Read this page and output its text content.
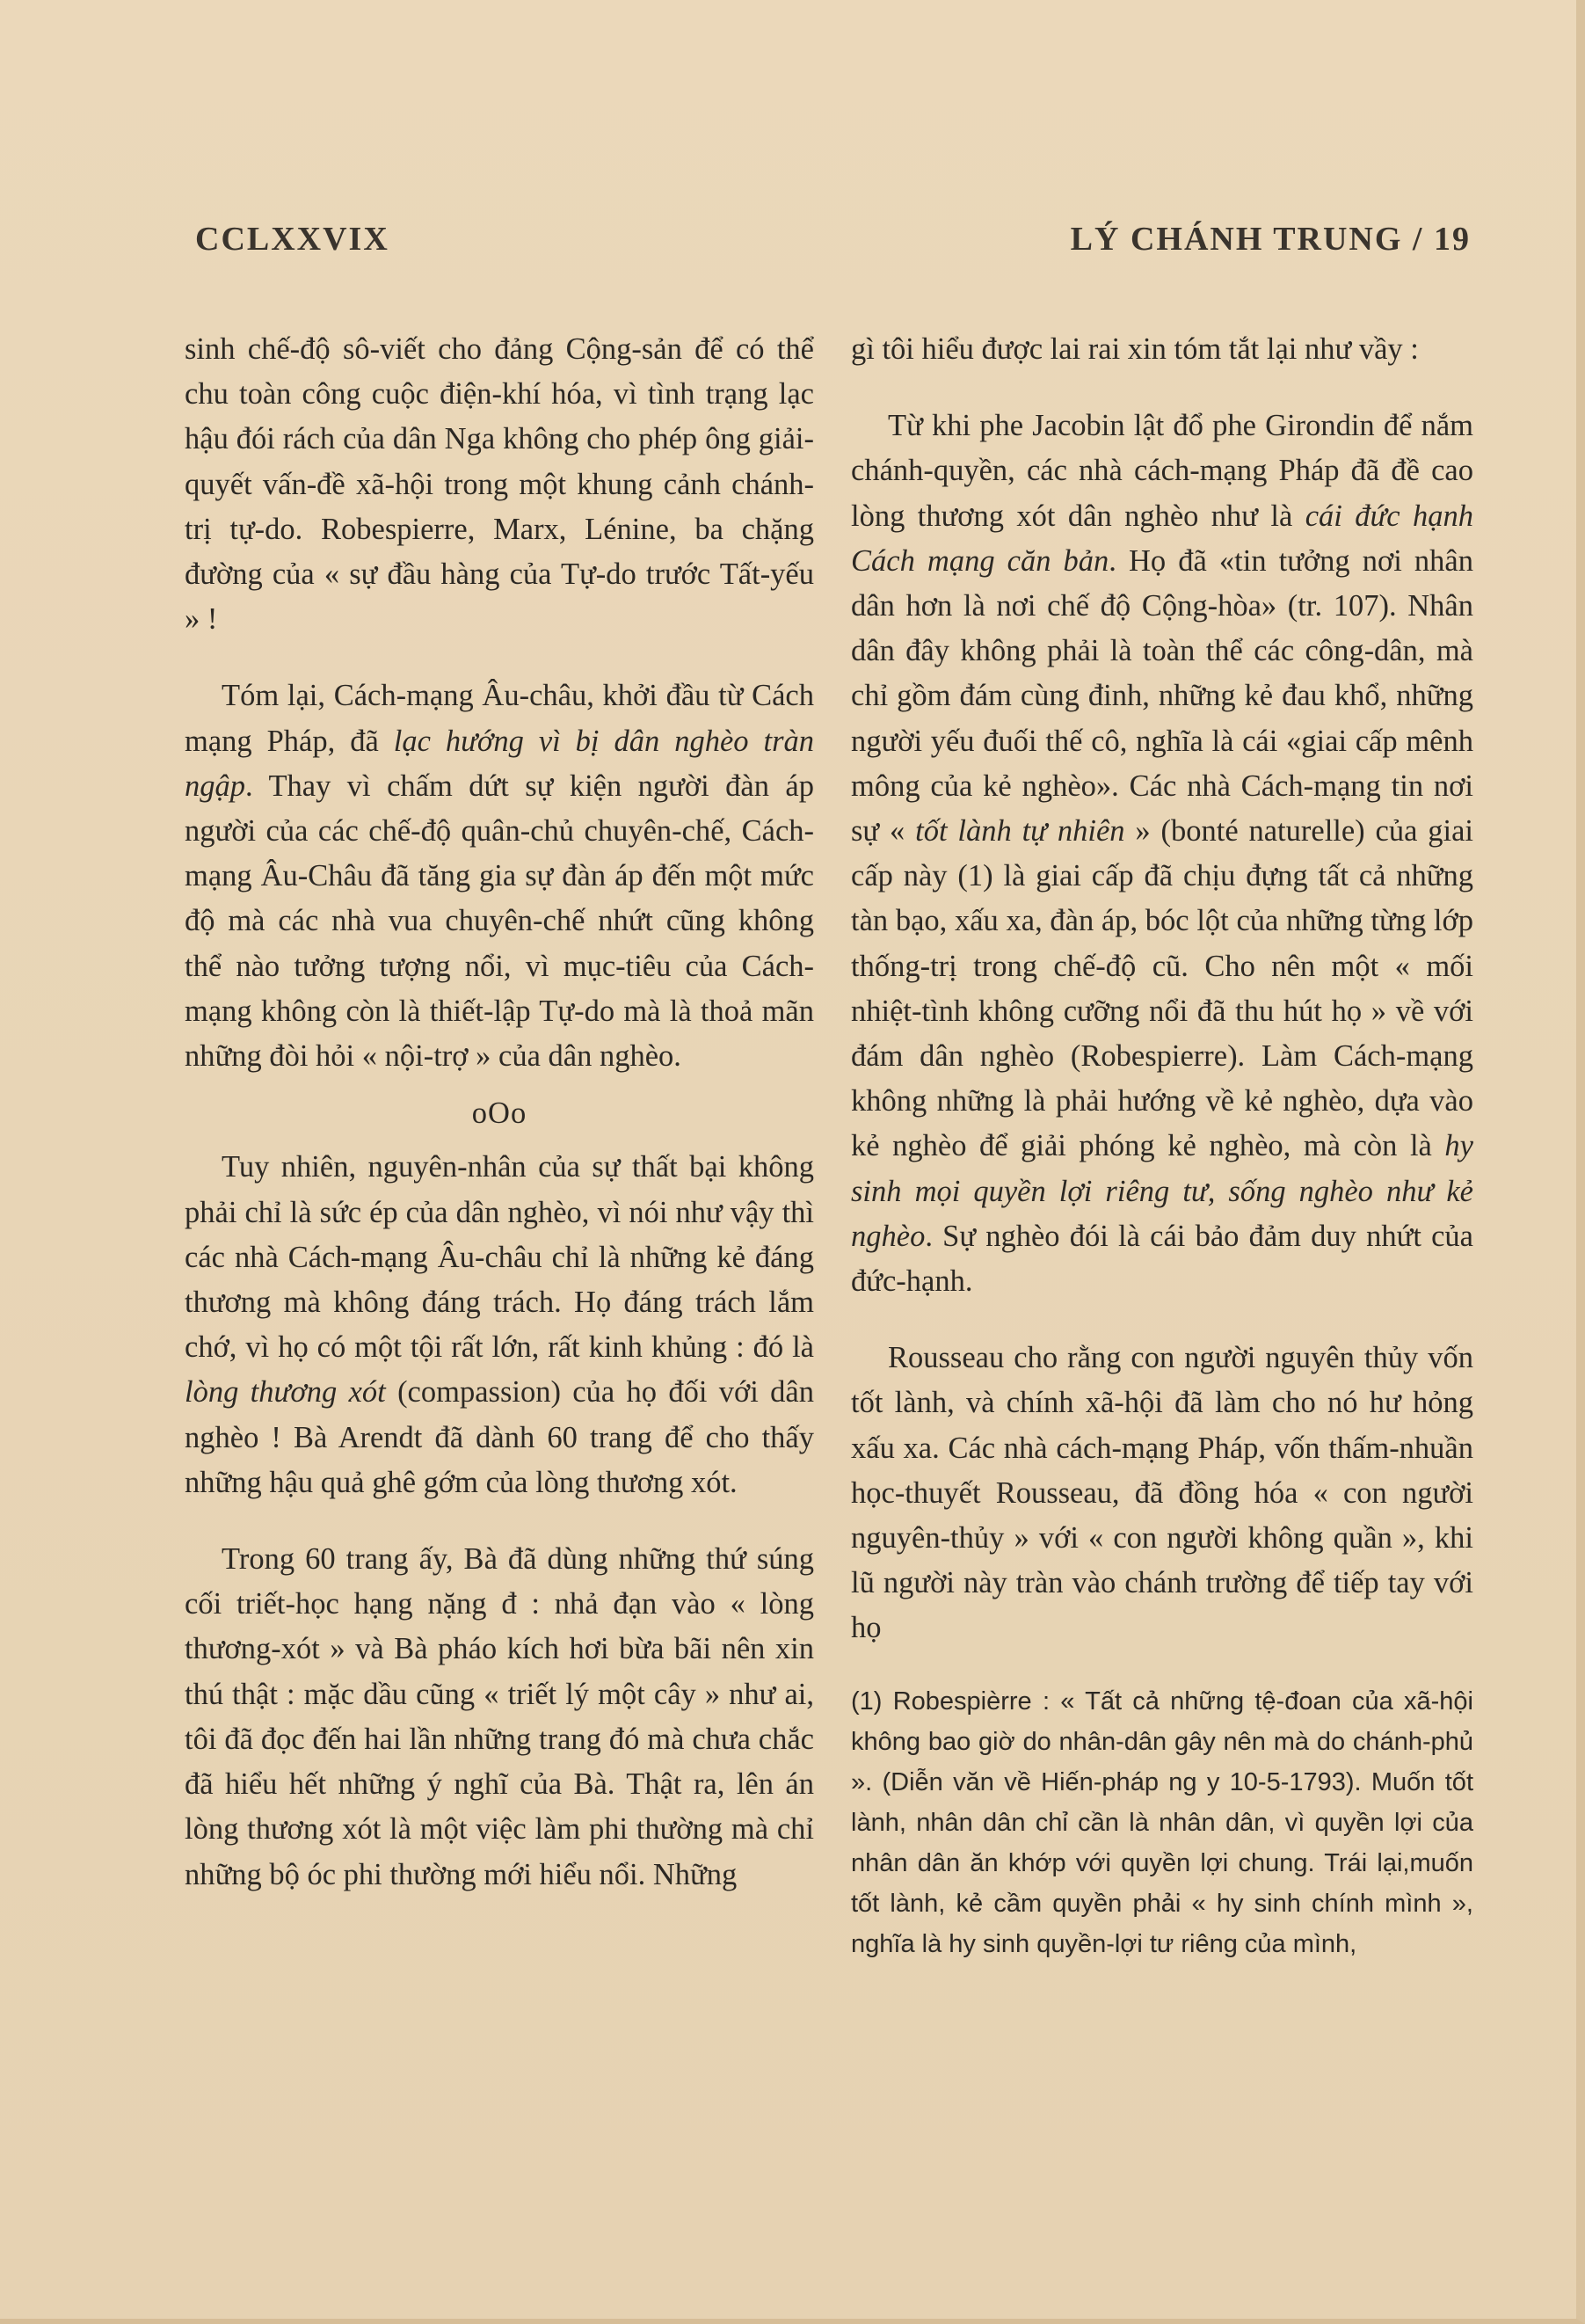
CCLXXVIX	LÝ CHÁNH TRUNG / 19

sinh chế-độ sô-viết cho đảng Cộng-sản để có thể chu toàn công cuộc điện-khí hóa, vì tình trạng lạc hậu đói rách của dân Nga không cho phép ông giải-quyết vấn-đề xã-hội trong một khung cảnh chánh-trị tự-do. Robespierre, Marx, Lénine, ba chặng đường của « sự đầu hàng của Tự-do trước Tất-yếu » !

Tóm lại, Cách-mạng Âu-châu, khởi đầu từ Cách mạng Pháp, đã lạc hướng vì bị dân nghèo tràn ngập. Thay vì chấm dứt sự kiện người đàn áp người của các chế-độ quân-chủ chuyên-chế, Cách-mạng Âu-Châu đã tăng gia sự đàn áp đến một mức độ mà các nhà vua chuyên-chế nhứt cũng không thể nào tưởng tượng nổi, vì mục-tiêu của Cách-mạng không còn là thiết-lập Tự-do mà là thoả mãn những đòi hỏi « nội-trợ » của dân nghèo.

oOo

Tuy nhiên, nguyên-nhân của sự thất bại không phải chỉ là sức ép của dân nghèo, vì nói như vậy thì các nhà Cách-mạng Âu-châu chỉ là những kẻ đáng thương mà không đáng trách. Họ đáng trách lắm chớ, vì họ có một tội rất lớn, rất kinh khủng : đó là lòng thương xót (compassion) của họ đối với dân nghèo ! Bà Arendt đã dành 60 trang để cho thấy những hậu quả ghê gớm của lòng thương xót.

Trong 60 trang ấy, Bà đã dùng những thứ súng cối triết-học hạng nặng đ : nhả đạn vào « lòng thương-xót » và Bà pháo kích hơi bừa bãi nên xin thú thật : mặc dầu cũng « triết lý một cây » như ai, tôi đã đọc đến hai lần những trang đó mà chưa chắc đã hiểu hết những ý nghĩ của Bà. Thật ra, lên án lòng thương xót là một việc làm phi thường mà chỉ những bộ óc phi thường mới hiểu nổi. Những

gì tôi hiểu được lai rai xin tóm tắt lại như vầy :

Từ khi phe Jacobin lật đổ phe Girondin để nắm chánh-quyền, các nhà cách-mạng Pháp đã đề cao lòng thương xót dân nghèo như là cái đức hạnh Cách mạng căn bản. Họ đã «tin tưởng nơi nhân dân hơn là nơi chế độ Cộng-hòa» (tr. 107). Nhân dân đây không phải là toàn thể các công-dân, mà chỉ gồm đám cùng đinh, những kẻ đau khổ, những người yếu đuối thế cô, nghĩa là cái «giai cấp mênh mông của kẻ nghèo». Các nhà Cách-mạng tin nơi sự « tốt lành tự nhiên » (bonté naturelle) của giai cấp này (1) là giai cấp đã chịu đựng tất cả những tàn bạo, xấu xa, đàn áp, bóc lột của những từng lớp thống-trị trong chế-độ cũ. Cho nên một « mối nhiệt-tình không cưỡng nổi đã thu hút họ » về với đám dân nghèo (Robespierre). Làm Cách-mạng không những là phải hướng về kẻ nghèo, dựa vào kẻ nghèo để giải phóng kẻ nghèo, mà còn là hy sinh mọi quyền lợi riêng tư, sống nghèo như kẻ nghèo. Sự nghèo đói là cái bảo đảm duy nhứt của đức-hạnh.

Rousseau cho rằng con người nguyên thủy vốn tốt lành, và chính xã-hội đã làm cho nó hư hỏng xấu xa. Các nhà cách-mạng Pháp, vốn thấm-nhuần học-thuyết Rousseau, đã đồng hóa « con người nguyên-thủy » với « con người không quần », khi lũ người này tràn vào chánh trường để tiếp tay với họ

(1) Robespièrre : « Tất cả những tệ-đoan của xã-hội không bao giờ do nhân-dân gây nên mà do chánh-phủ ». (Diễn văn về Hiến-pháp ng y 10-5-1793). Muốn tốt lành, nhân dân chỉ cần là nhân dân, vì quyền lợi của nhân dân ăn khớp với quyền lợi chung. Trái lại,muốn tốt lành, kẻ cầm quyền phải « hy sinh chính mình », nghĩa là hy sinh quyền-lợi tư riêng của mình,
